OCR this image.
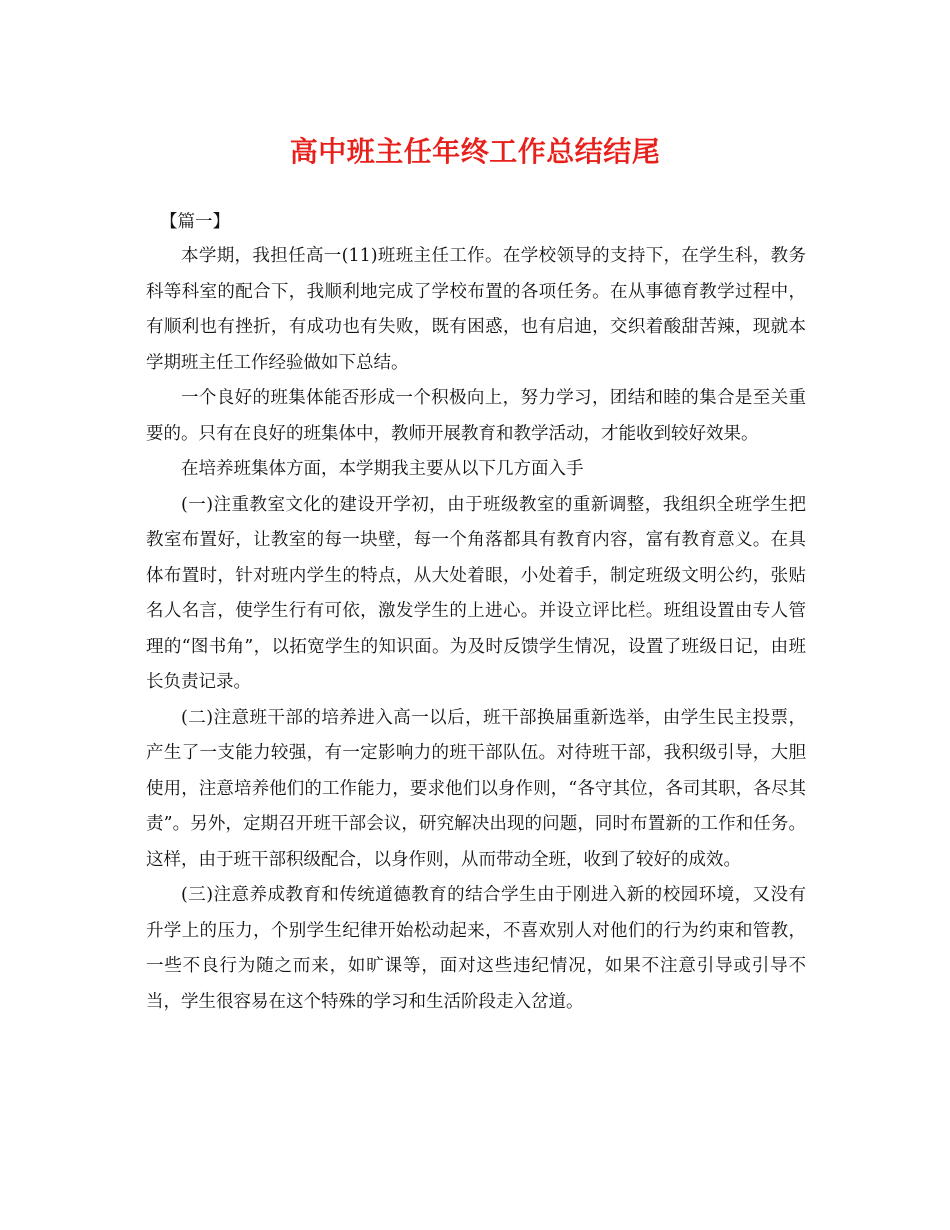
高中班主任年终工作总结结尾
【篇一】

本学期，我担任高一(11)班班主任工作。在学校领导的支持下，在学生科，教务科等科室的配合下，我顺利地完成了学校布置的各项任务。在从事德育教学过程中，有顺利也有挫折，有成功也有失败，既有困惑，也有启迪，交织着酸甜苦辣，现就本学期班主任工作经验做如下总结。

一个良好的班集体能否形成一个积极向上，努力学习，团结和睦的集合是至关重要的。只有在良好的班集体中，教师开展教育和教学活动，才能收到较好效果。

在培养班集体方面，本学期我主要从以下几方面入手

(一)注重教室文化的建设开学初，由于班级教室的重新调整，我组织全班学生把教室布置好，让教室的每一块壁，每一个角落都具有教育内容，富有教育意义。在具体布置时，针对班内学生的特点，从大处着眼，小处着手，制定班级文明公约，张贴名人名言，使学生行有可依，激发学生的上进心。并设立评比栏。班组设置由专人管理的“图书角”，以拓宽学生的知识面。为及时反馈学生情况，设置了班级日记，由班长负责记录。

(二)注意班干部的培养进入高一以后，班干部换届重新选举，由学生民主投票，产生了一支能力较强，有一定影响力的班干部队伍。对待班干部，我积级引导，大胆使用，注意培养他们的工作能力，要求他们以身作则，“各守其位，各司其职，各尽其责”。另外，定期召开班干部会议，研究解决出现的问题，同时布置新的工作和任务。这样，由于班干部积级配合，以身作则，从而带动全班，收到了较好的成效。

(三)注意养成教育和传统道德教育的结合学生由于刚进入新的校园环境，又没有升学上的压力，个别学生纪律开始松动起来，不喜欢别人对他们的行为约束和管教，一些不良行为随之而来，如旷课等，面对这些违纪情况，如果不注意引导或引导不当，学生很容易在这个特殊的学习和生活阶段走入岔道。
